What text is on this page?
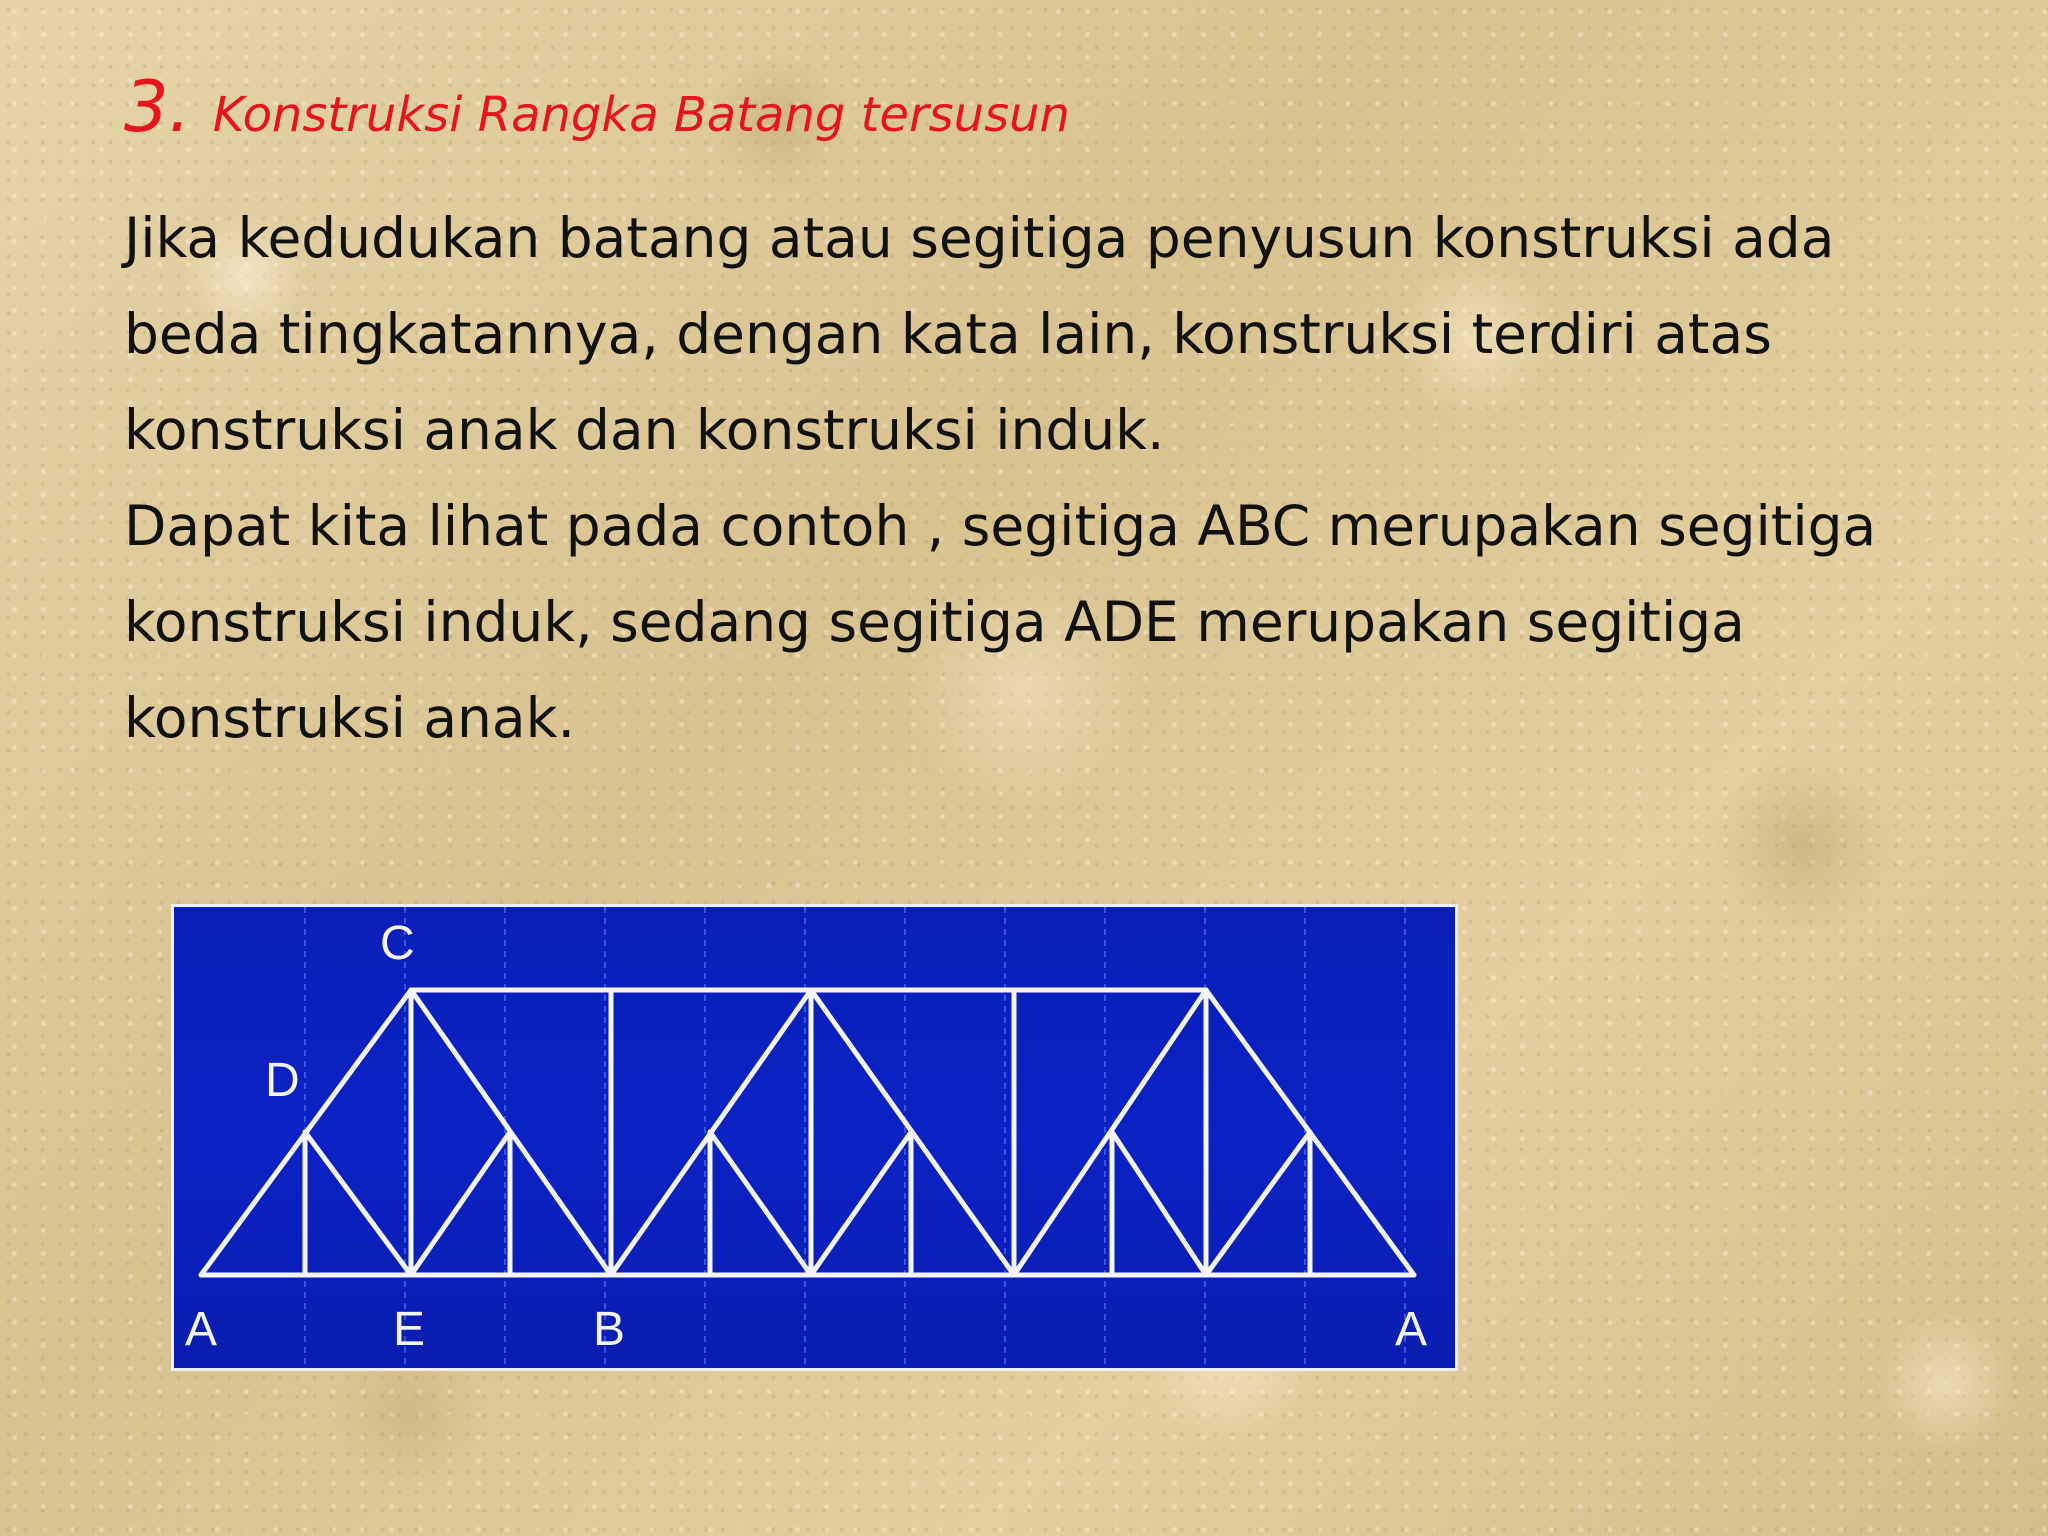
3. Konstruksi Rangka Batang tersusun

Jika kedudukan batang atau segitiga penyusun konstruksi ada beda tingkatannya, dengan kata lain, konstruksi terdiri atas konstruksi anak dan konstruksi induk.

Dapat kita lihat pada contoh , segitiga ABC merupakan segitiga konstruksi induk, sedang segitiga ADE merupakan segitiga konstruksi anak.

C
D
A	E	B	A
